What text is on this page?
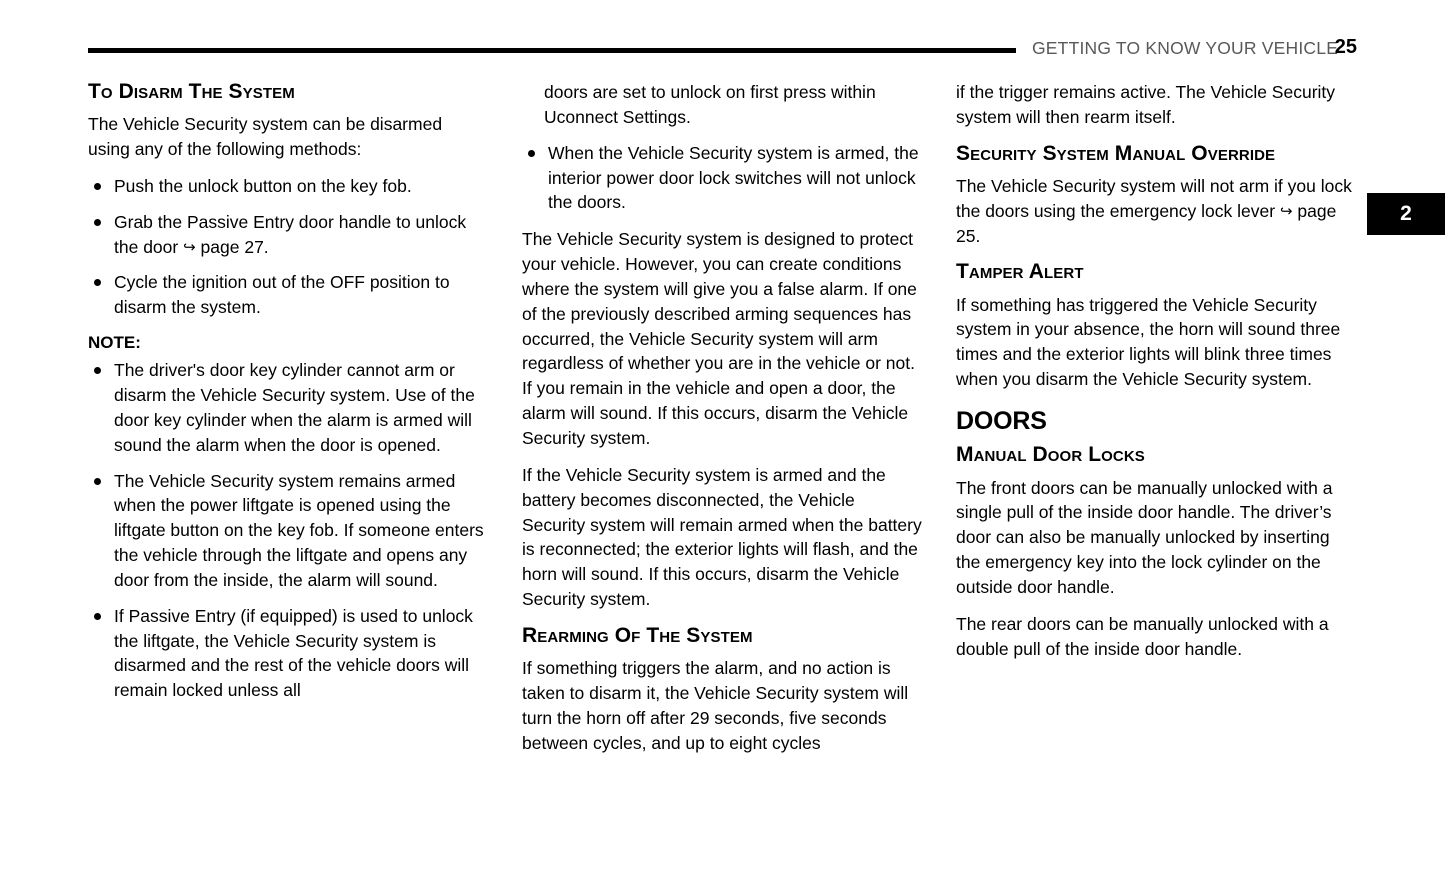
GETTING TO KNOW YOUR VEHICLE
25
2
To Disarm The System

The Vehicle Security system can be disarmed using any of the following methods:

Push the unlock button on the key fob.
Grab the Passive Entry door handle to unlock the door ↪ page 27.
Cycle the ignition out of the OFF position to disarm the system.

NOTE:

The driver's door key cylinder cannot arm or disarm the Vehicle Security system. Use of the door key cylinder when the alarm is armed will sound the alarm when the door is opened.
The Vehicle Security system remains armed when the power liftgate is opened using the liftgate button on the key fob. If someone enters the vehicle through the liftgate and opens any door from the inside, the alarm will sound.
If Passive Entry (if equipped) is used to unlock the liftgate, the Vehicle Security system is disarmed and the rest of the vehicle doors will remain locked unless all

doors are set to unlock on first press within Uconnect Settings.

When the Vehicle Security system is armed, the interior power door lock switches will not unlock the doors.

The Vehicle Security system is designed to protect your vehicle. However, you can create conditions where the system will give you a false alarm. If one of the previously described arming sequences has occurred, the Vehicle Security system will arm regardless of whether you are in the vehicle or not. If you remain in the vehicle and open a door, the alarm will sound. If this occurs, disarm the Vehicle Security system.

If the Vehicle Security system is armed and the battery becomes disconnected, the Vehicle Security system will remain armed when the battery is reconnected; the exterior lights will flash, and the horn will sound. If this occurs, disarm the Vehicle Security system.

Rearming Of The System

If something triggers the alarm, and no action is taken to disarm it, the Vehicle Security system will turn the horn off after 29 seconds, five seconds between cycles, and up to eight cycles

if the trigger remains active. The Vehicle Security system will then rearm itself.

Security System Manual Override

The Vehicle Security system will not arm if you lock the doors using the emergency lock lever ↪ page 25.

Tamper Alert

If something has triggered the Vehicle Security system in your absence, the horn will sound three times and the exterior lights will blink three times when you disarm the Vehicle Security system.

DOORS
Manual Door Locks

The front doors can be manually unlocked with a single pull of the inside door handle. The driver’s door can also be manually unlocked by inserting the emergency key into the lock cylinder on the outside door handle.

The rear doors can be manually unlocked with a double pull of the inside door handle.
